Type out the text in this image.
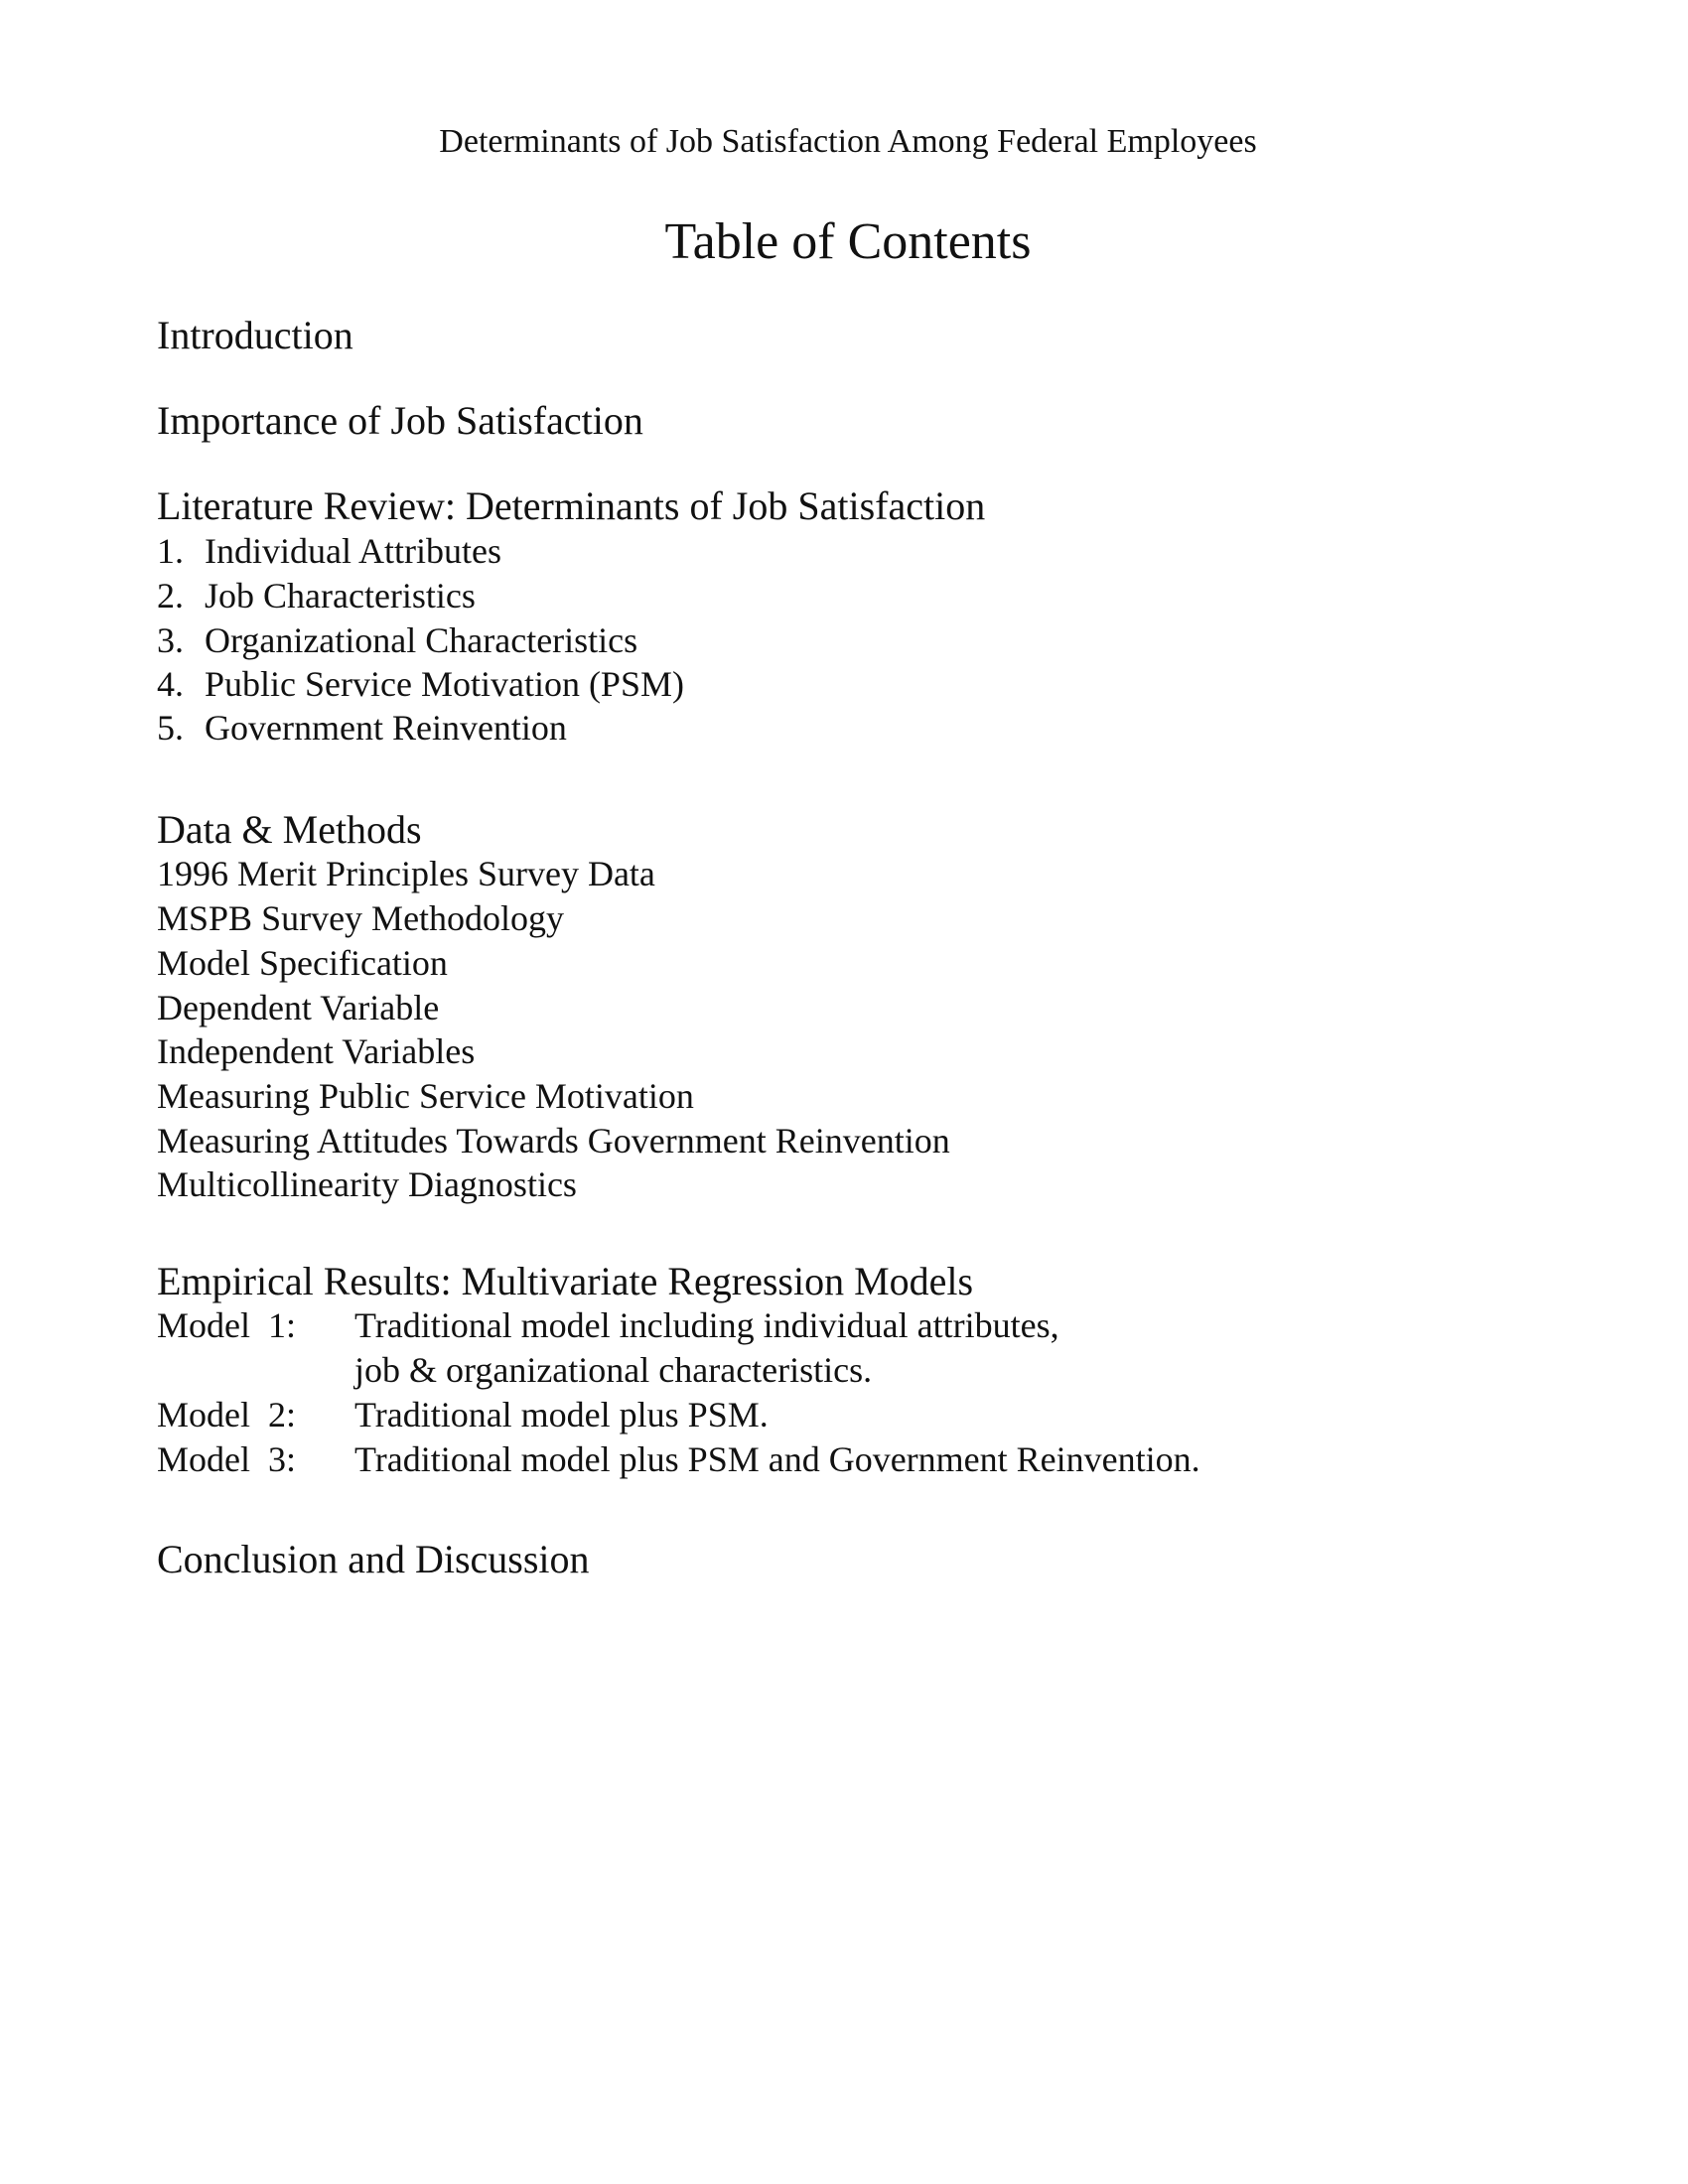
Determinants of Job Satisfaction Among Federal Employees
Table of Contents
Introduction
Importance of Job Satisfaction
Literature Review: Determinants of Job Satisfaction
1. Individual Attributes
2. Job Characteristics
3. Organizational Characteristics
4. Public Service Motivation (PSM)
5. Government Reinvention
Data & Methods
1996 Merit Principles Survey Data
MSPB Survey Methodology
Model Specification
Dependent Variable
Independent Variables
Measuring Public Service Motivation
Measuring Attitudes Towards Government Reinvention
Multicollinearity Diagnostics
Empirical Results: Multivariate Regression Models
Model  1: Traditional model including individual attributes,
job & organizational characteristics.
Model  2: Traditional model plus PSM.
Model  3: Traditional model plus PSM and Government Reinvention.
Conclusion and Discussion
